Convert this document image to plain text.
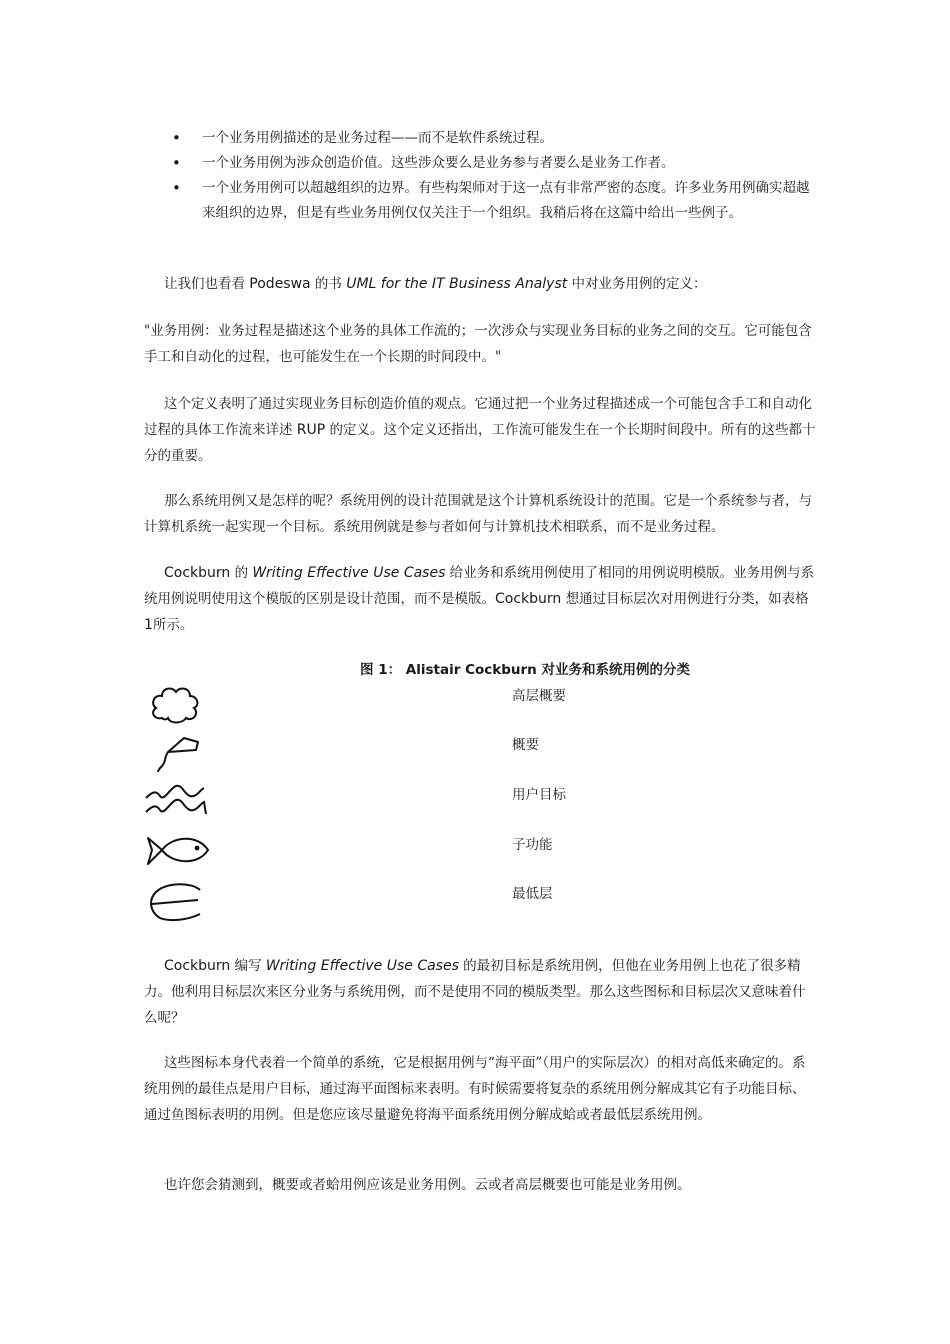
• 一个业务用例描述的是业务过程——而不是软件系统过程。
• 一个业务用例为涉众创造价值。这些涉众要么是业务参与者要么是业务工作者。
• 一个业务用例可以超越组织的边界。有些构架师对于这一点有非常严密的态度。许多业务用例确实超越来组织的边界，但是有些业务用例仅仅关注于一个组织。我稍后将在这篇中给出一些例子。

让我们也看看 Podeswa 的书 UML for the IT Business Analyst 中对业务用例的定义：

"业务用例：业务过程是描述这个业务的具体工作流的；一次涉众与实现业务目标的业务之间的交互。它可能包含手工和自动化的过程，也可能发生在一个长期的时间段中。"

这个定义表明了通过实现业务目标创造价值的观点。它通过把一个业务过程描述成一个可能包含手工和自动化过程的具体工作流来详述 RUP 的定义。这个定义还指出，工作流可能发生在一个长期时间段中。所有的这些都十分的重要。

那么系统用例又是怎样的呢？系统用例的设计范围就是这个计算机系统设计的范围。它是一个系统参与者，与计算机系统一起实现一个目标。系统用例就是参与者如何与计算机技术相联系，而不是业务过程。

Cockburn 的 Writing Effective Use Cases 给业务和系统用例使用了相同的用例说明模版。业务用例与系统用例说明使用这个模版的区别是设计范围，而不是模版。Cockburn 想通过目标层次对用例进行分类，如表格1所示。

图 1： Alistair Cockburn 对业务和系统用例的分类
高层概要
概要
用户目标
子功能
最低层

Cockburn 编写 Writing Effective Use Cases 的最初目标是系统用例，但他在业务用例上也花了很多精力。他利用目标层次来区分业务与系统用例，而不是使用不同的模版类型。那么这些图标和目标层次又意味着什么呢？

这些图标本身代表着一个简单的系统，它是根据用例与“海平面”（用户的实际层次）的相对高低来确定的。系统用例的最佳点是用户目标，通过海平面图标来表明。有时候需要将复杂的系统用例分解成其它有子功能目标、通过鱼图标表明的用例。但是您应该尽量避免将海平面系统用例分解成蛤或者最低层系统用例。

也许您会猜测到，概要或者蛤用例应该是业务用例。云或者高层概要也可能是业务用例。
